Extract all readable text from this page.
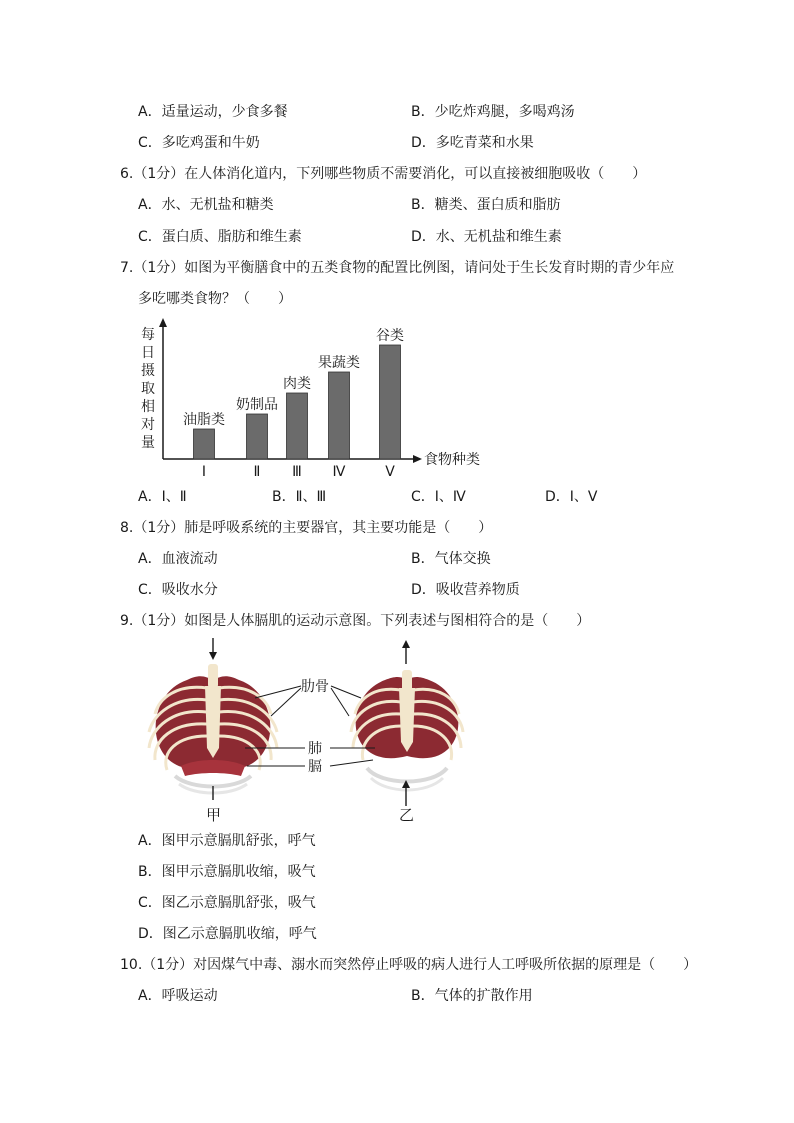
A．适量运动，少食多餐	B．少吃炸鸡腿，多喝鸡汤
C．多吃鸡蛋和牛奶	D．多吃青菜和水果
6.（1分）在人体消化道内，下列哪些物质不需要消化，可以直接被细胞吸收（　　）
A．水、无机盐和糖类	B．糖类、蛋白质和脂肪
C．蛋白质、脂肪和维生素	D．水、无机盐和维生素
7.（1分）如图为平衡膳食中的五类食物的配置比例图，请问处于生长发育时期的青少年应
多吃哪类食物？（　　）
每
日
摄
取
相
对
量
食物种类
油脂类
Ⅰ
奶制品
Ⅱ
肉类
Ⅲ
果蔬类
Ⅳ
谷类
Ⅴ
A．Ⅰ、Ⅱ	B．Ⅱ、Ⅲ	C．Ⅰ、Ⅳ	D．Ⅰ、Ⅴ
8.（1分）肺是呼吸系统的主要器官，其主要功能是（　　）
A．血液流动	B．气体交换
C．吸收水分	D．吸收营养物质
9.（1分）如图是人体膈肌的运动示意图。下列表述与图相符合的是（　　）
肋骨
肺
膈
甲	乙
A．图甲示意膈肌舒张，呼气
B．图甲示意膈肌收缩，吸气
C．图乙示意膈肌舒张，吸气
D．图乙示意膈肌收缩，呼气
10.（1分）对因煤气中毒、溺水而突然停止呼吸的病人进行人工呼吸所依据的原理是（　　）
A．呼吸运动	B．气体的扩散作用
